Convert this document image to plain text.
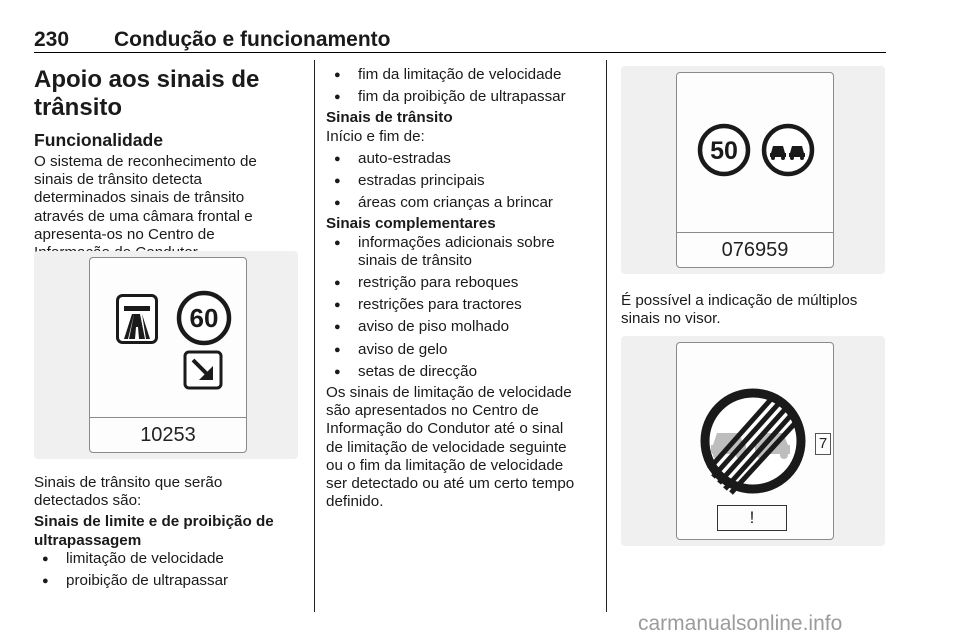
230 Condução e funcionamento
Apoio aos sinais de trânsito
Funcionalidade

O sistema de reconhecimento de
sinais de trânsito detecta
determinados sinais de trânsito
através de uma câmara frontal e
apresenta-os no Centro de

60
10253

Sinais de trânsito que serão
detectados são:

Sinais de limite e de proibição de
ultrapassagem

● limitação de velocidade
● proibição de ultrapassar
● fim da limitação de velocidade
● fim da proibição de ultrapassar

Sinais de trânsito

Início e fim de:

● auto-estradas
● estradas principais
● áreas com crianças a brincar

Sinais complementares

● informações adicionais sobre
sinais de trânsito
● restrição para reboques
● restrições para tractores
● aviso de piso molhado
● aviso de gelo
● setas de direcção

Os sinais de limitação de velocidade
são apresentados no Centro de
Informação do Condutor até o sinal
de limitação de velocidade seguinte
ou o fim da limitação de velocidade
ser detectado ou até um certo tempo
definido.

50
076959

É possível a indicação de múltiplos
sinais no visor.

7
!
carmanualsonline.info
